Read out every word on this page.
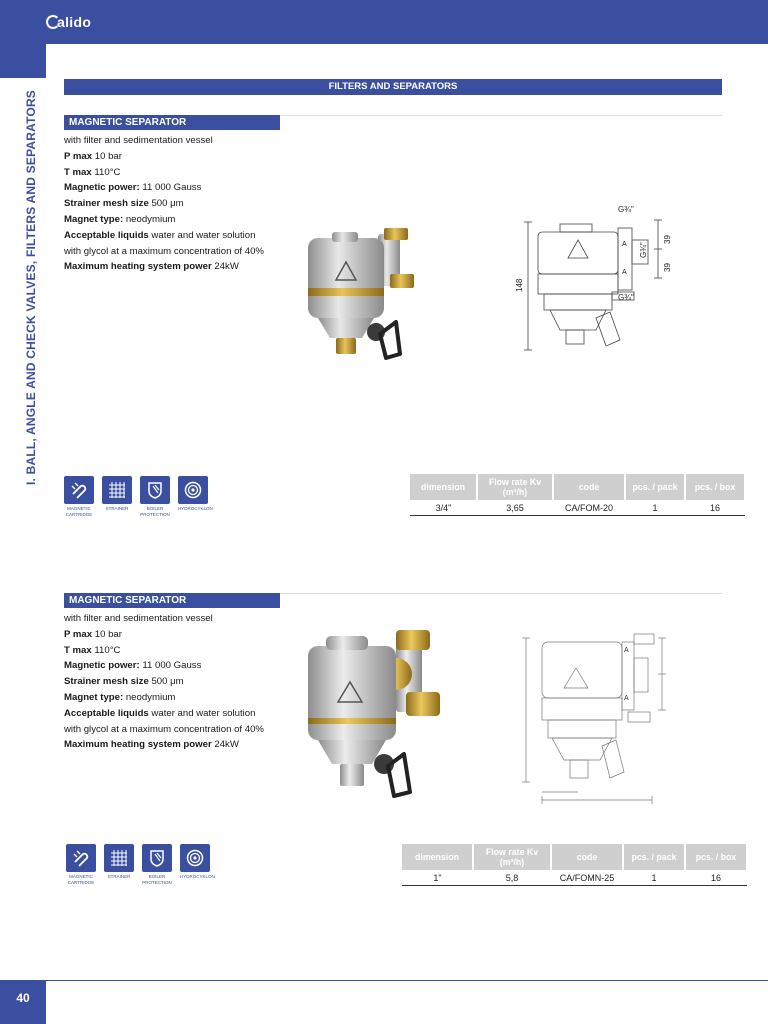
alido
I. BALL, ANGLE AND CHECK VALVES, FILTERS AND SEPARATORS
FILTERS AND SEPARATORS
MAGNETIC SEPARATOR
with filter and sedimentation vessel
P max 10 bar
T max 110°C
Magnetic power: 11 000 Gauss
Strainer mesh size 500 μm
Magnet type: neodymium
Acceptable liquids water and water solution
with glycol at a maximum concentration of 40%
Maximum heating system power 24kW
G¾"
G¾"
G¾"
39
39
148
A
A
MAGNETIC CARTRIDGE
STRAINER	BOILER PROTECTION
HYDROCYKLON
dimension	Flow rate Kv (m³/h)	code	pcs. / pack	pcs. / box
3/4"	3,65	CA/FOM-20	1	16
MAGNETIC SEPARATOR
with filter and sedimentation vessel
P max 10 bar
T max 110°C
Magnetic power: 11 000 Gauss
Strainer mesh size 500 μm
Magnet type: neodymium
Acceptable liquids water and water solution
with glycol at a maximum concentration of 40%
Maximum heating system power 24kW
A
A
MAGNETIC CARTRIDGE
STRAINER	BOILER PROTECTION
HYDROCYKLON
dimension	Flow rate Kv (m³/h)	code	pcs. / pack	pcs. / box
1"	5,8	CA/FOMN-25	1	16
40
